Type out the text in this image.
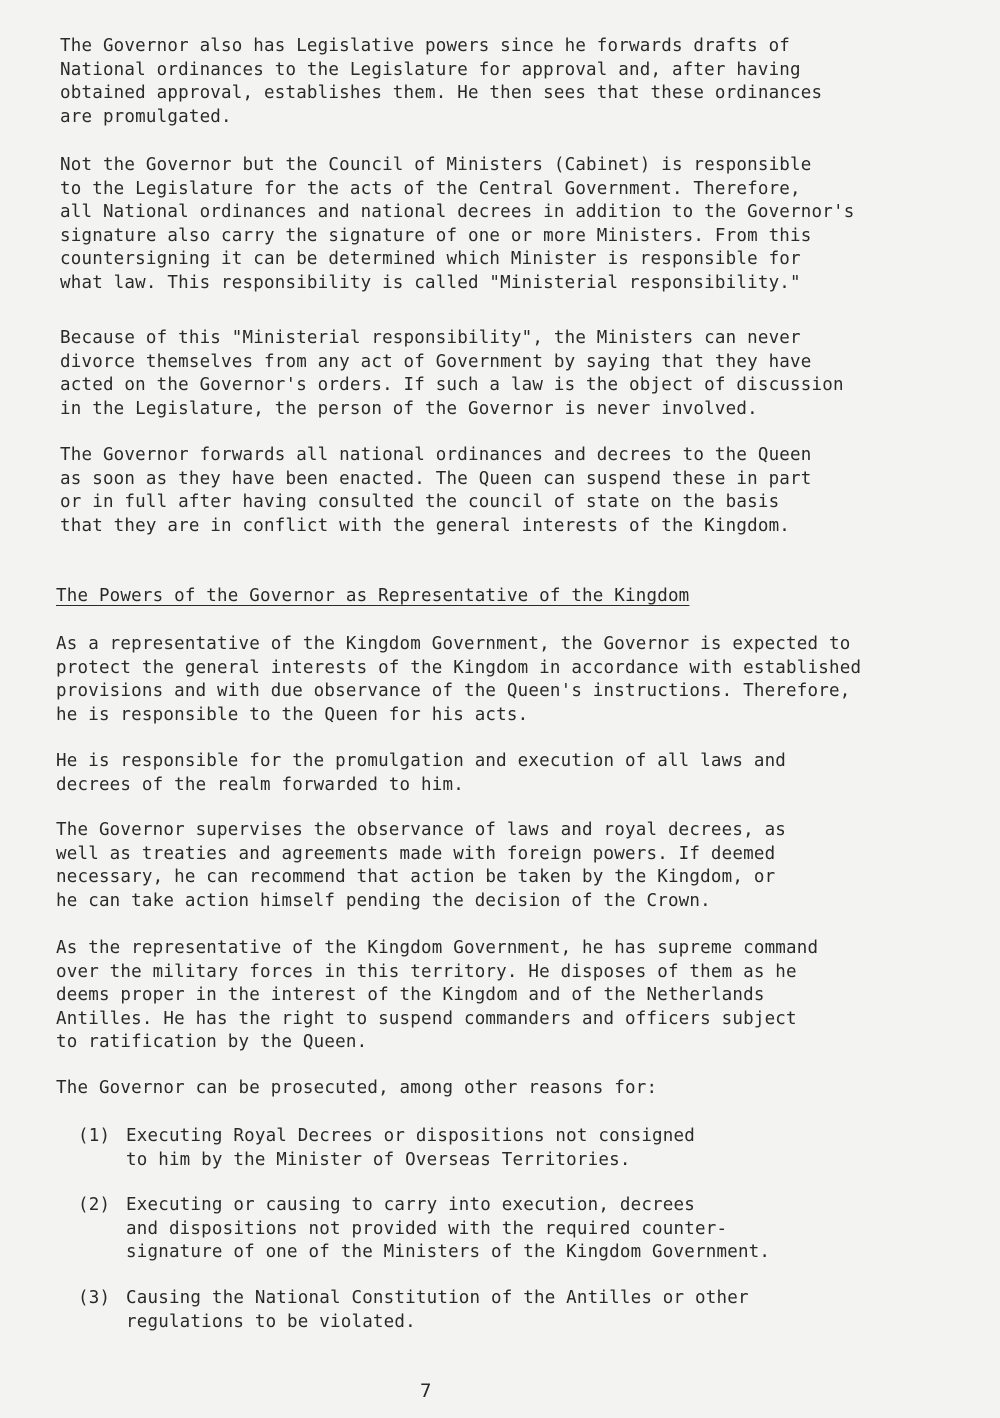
The Governor also has Legislative powers since he forwards drafts of
National ordinances to the Legislature for approval and, after having
obtained approval, establishes them. He then sees that these ordinances
are promulgated.

Not the Governor but the Council of Ministers (Cabinet) is responsible
to the Legislature for the acts of the Central Government. Therefore,
all National ordinances and national decrees in addition to the Governor's
signature also carry the signature of one or more Ministers. From this
countersigning it can be determined which Minister is responsible for
what law. This responsibility is called "Ministerial responsibility."

Because of this "Ministerial responsibility", the Ministers can never
divorce themselves from any act of Government by saying that they have
acted on the Governor's orders. If such a law is the object of discussion
in the Legislature, the person of the Governor is never involved.

The Governor forwards all national ordinances and decrees to the Queen
as soon as they have been enacted. The Queen can suspend these in part
or in full after having consulted the council of state on the basis
that they are in conflict with the general interests of the Kingdom.

The Powers of the Governor as Representative of the Kingdom

As a representative of the Kingdom Government, the Governor is expected to
protect the general interests of the Kingdom in accordance with established
provisions and with due observance of the Queen's instructions. Therefore,
he is responsible to the Queen for his acts.

He is responsible for the promulgation and execution of all laws and
decrees of the realm forwarded to him.

The Governor supervises the observance of laws and royal decrees, as
well as treaties and agreements made with foreign powers. If deemed
necessary, he can recommend that action be taken by the Kingdom, or
he can take action himself pending the decision of the Crown.

As the representative of the Kingdom Government, he has supreme command
over the military forces in this territory. He disposes of them as he
deems proper in the interest of the Kingdom and of the Netherlands
Antilles. He has the right to suspend commanders and officers subject
to ratification by the Queen.

The Governor can be prosecuted, among other reasons for:

(1) Executing Royal Decrees or dispositions not consigned
to him by the Minister of Overseas Territories.
(2) Executing or causing to carry into execution, decrees
and dispositions not provided with the required counter-
signature of one of the Ministers of the Kingdom Government.
(3) Causing the National Constitution of the Antilles or other
regulations to be violated.

7
